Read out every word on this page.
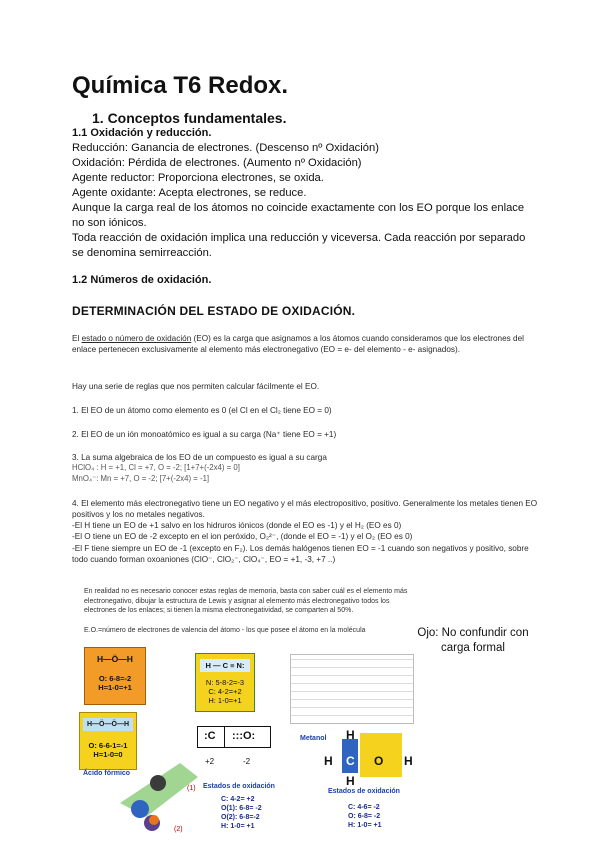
Química T6 Redox.
1. Conceptos fundamentales.
1.1 Oxidación y reducción.
Reducción: Ganancia de electrones. (Descenso nº Oxidación)
Oxidación: Pérdida de electrones. (Aumento nº Oxidación)
Agente reductor: Proporciona electrones, se oxida.
Agente oxidante: Acepta electrones, se reduce.
Aunque la carga real de los átomos no coincide exactamente con los EO porque los enlace no son iónicos.
Toda reacción de oxidación implica una reducción y viceversa. Cada reacción por separado se denomina semirreacción.
1.2 Números de oxidación.
DETERMINACIÓN DEL ESTADO DE OXIDACIÓN.
El estado o número de oxidación (EO) es la carga que asignamos a los átomos cuando consideramos que los electrones del enlace pertenecen exclusivamente al elemento más electronegativo (EO = e- del elemento - e- asignados).
Hay una serie de reglas que nos permiten calcular fácilmente el EO.
1. El EO de un átomo como elemento es 0 (el Cl en el Cl₂ tiene EO = 0)
2. El EO de un ión monoatómico es igual a su carga (Na⁺ tiene EO = +1)
3. La suma algebraica de los EO de un compuesto es igual a su carga
HClO₄ : H = +1, Cl = +7, O = -2; [1+7+(-2x4) = 0]
MnO₄⁻: Mn = +7, O = -2; [7+(-2x4) = -1]
4. El elemento más electronegativo tiene un EO negativo y el más electropositivo, positivo. Generalmente los metales tienen EO positivos y los no metales negativos.
-El H tiene un EO de +1 salvo en los hidruros iónicos (donde el EO es -1) y el H₂ (EO es 0)
-El O tiene un EO de -2 excepto en el ion peróxido, O₂²⁻, (donde el EO = -1) y el O₂ (EO es 0)
-El F tiene siempre un EO de -1 (excepto en F₂). Los demás halógenos tienen EO = -1 cuando son negativos y positivo, sobre todo cuando forman oxoaniones (ClO⁻, ClO₂⁻, ClO₄⁻, EO = +1, -3, +7 ..)
En realidad no es necesario conocer estas reglas de memoria, basta con saber cuál es el elemento más electronegativo, dibujar la estructura de Lewis y asignar al elemento más electronegativo todos los electrones de los enlaces; si tienen la misma electronegatividad, se comparten al 50%.
E.O.=número de electrones de valencia del átomo - los que posee el átomo en la molécula	Ojo: No confundir con carga formal
H—Ö—H
O: 6-8=-2
H=1-0=+1
H — C ≡ N:
N: 5-8-2=-3
C: 4-2=+2
H: 1-0=+1
H—Ö—Ö—H
O: 6-6-1=-1
H=1-0=0
:C :::O:
+2	-2
Ácido fórmico
(1)
(2)
Estados de oxidación
C: 4-2= +2
O(1): 6-8= -2
O(2): 6-8=-2
H: 1-0= +1
Metanol H
H C O H
H
Estados de oxidación
C: 4-6= -2
O: 6-8= -2
H: 1-0= +1
